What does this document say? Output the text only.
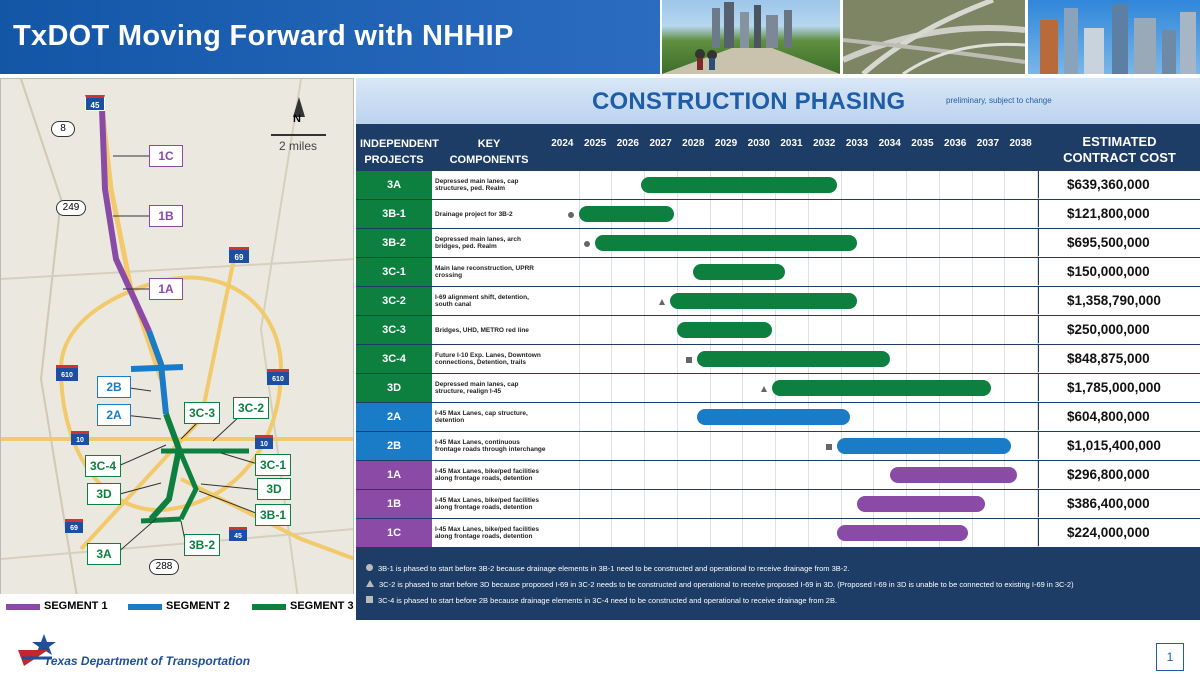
TxDOT Moving Forward with NHHIP
45
8
249
69
610
610
10
10
69
45
288
N
2 miles
1C
1B
1A
2B
2A	3C-3	3C-2
3C-4	3C-1
3D	3D
3B-1
3A
3B-2
SEGMENT 1	SEGMENT 2	SEGMENT 3
CONSTRUCTION PHASING	preliminary, subject to change
INDEPENDENT PROJECTS
KEY COMPONENTS
2024	2025	2026	2027	2028	2029	2030	2031	2032	2033	2034	2035	2036	2037	2038	ESTIMATED CONTRACT COST
3A	Depressed main lanes, cap structures, ped. Realm	$639,360,000
3B-1	Drainage project for 3B-2	$121,800,000
3B-2	Depressed main lanes, arch bridges, ped. Realm	$695,500,000
3C-1	Main lane reconstruction, UPRR crossing	$150,000,000
3C-2	I-69 alignment shift, detention, south canal	$1,358,790,000
3C-3	Bridges, UHD, METRO red line	$250,000,000
3C-4	Future I-10 Exp. Lanes, Downtown connections, Detention, trails	$848,875,000
3D	Depressed main lanes, cap structure, realign I-45	$1,785,000,000
2A	I-45 Max Lanes, cap structure, detention	$604,800,000
2B	I-45 Max Lanes, continuous frontage roads through interchange	$1,015,400,000
1A	I-45 Max Lanes, bike/ped facilities along frontage roads, detention	$296,800,000
1B	I-45 Max Lanes, bike/ped facilities along frontage roads, detention	$386,400,000
1C	I-45 Max Lanes, bike/ped facilities along frontage roads, detention	$224,000,000
3B-1 is phased to start before 3B-2 because drainage elements in 3B-1 need to be constructed and operational to receive drainage from 3B-2.
3C-2 is phased to start before 3D because proposed I-69 in 3C-2 needs to be constructed and operational to receive proposed I-69 in 3D. (Proposed I-69 in 3D is unable to be connected to existing I-69 in 3C-2)
3C-4 is phased to start before 2B because drainage elements in 3C-4 need to be constructed and operational to receive drainage from 2B.
Texas Department of Transportation	1
